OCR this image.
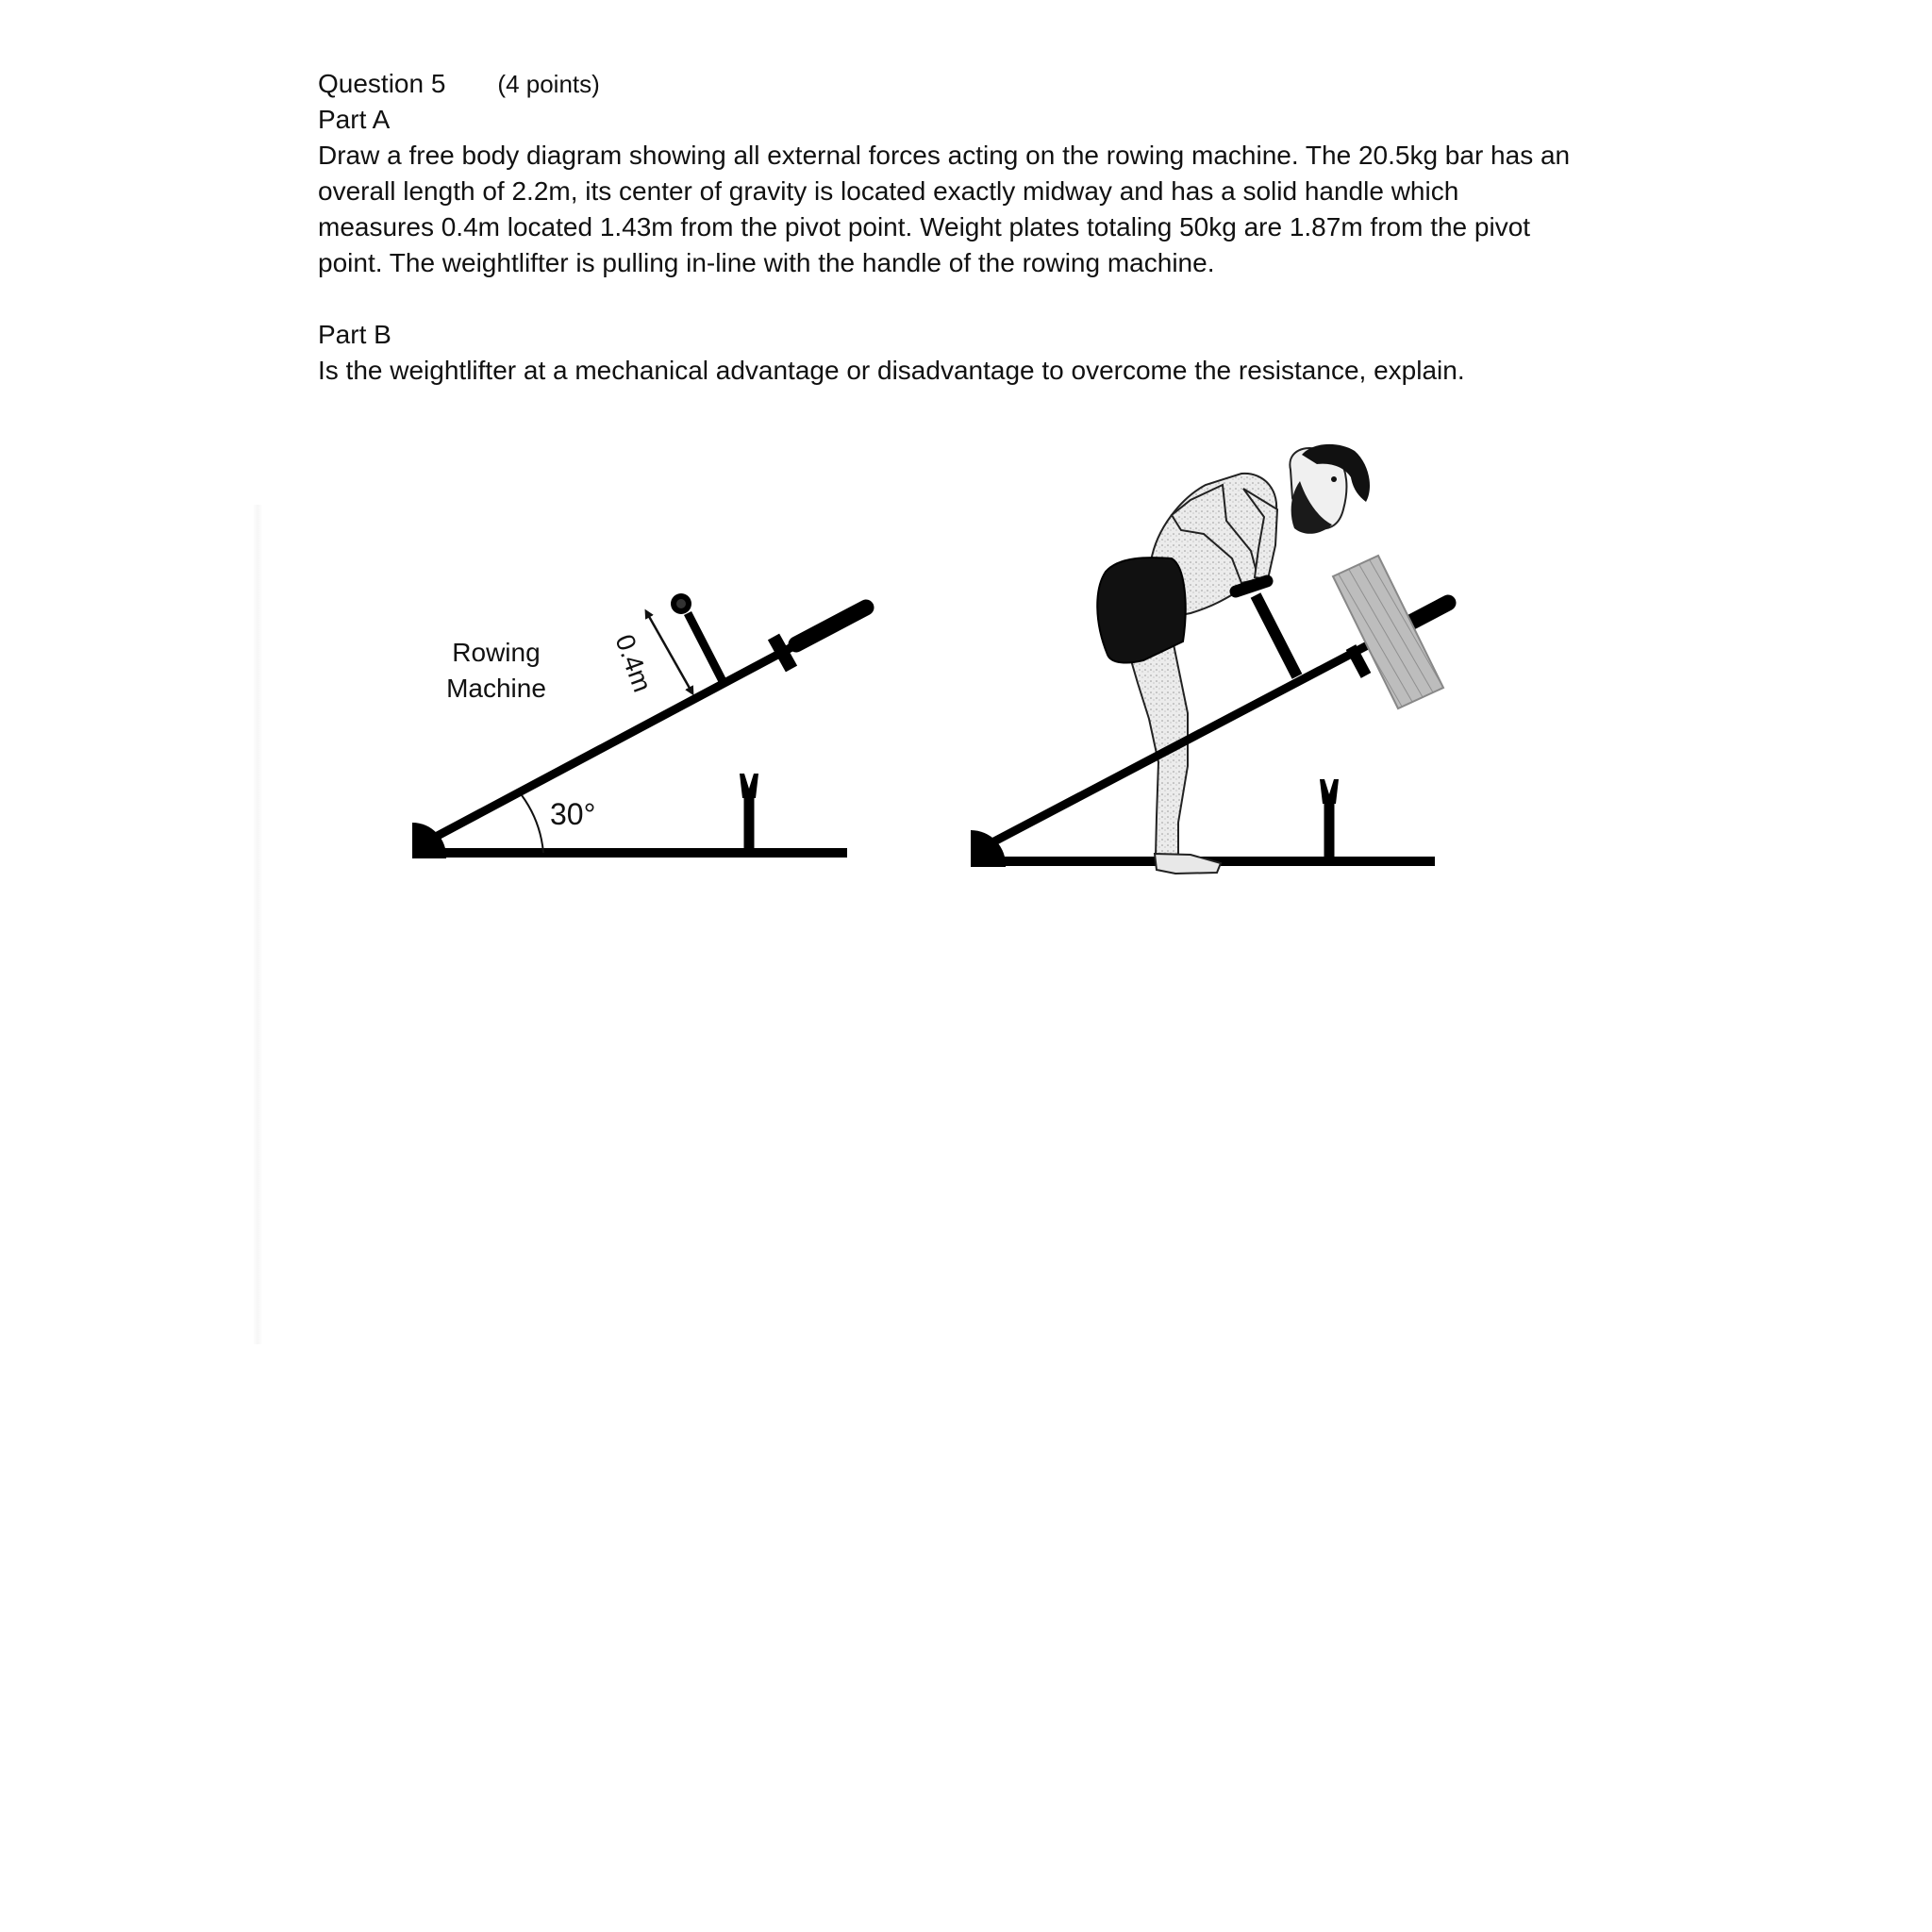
Question 5 (4 points)
Part A

Draw a free body diagram showing all external forces acting on the rowing machine. The 20.5kg bar has an overall length of 2.2m, its center of gravity is located exactly midway and has a solid handle which measures 0.4m located 1.43m from the pivot point. Weight plates totaling 50kg are 1.87m from the pivot point. The weightlifter is pulling in-line with the handle of the rowing machine.

Part B

Is the weightlifter at a mechanical advantage or disadvantage to overcome the resistance, explain.

0.4m
Rowing
Machine
30°
